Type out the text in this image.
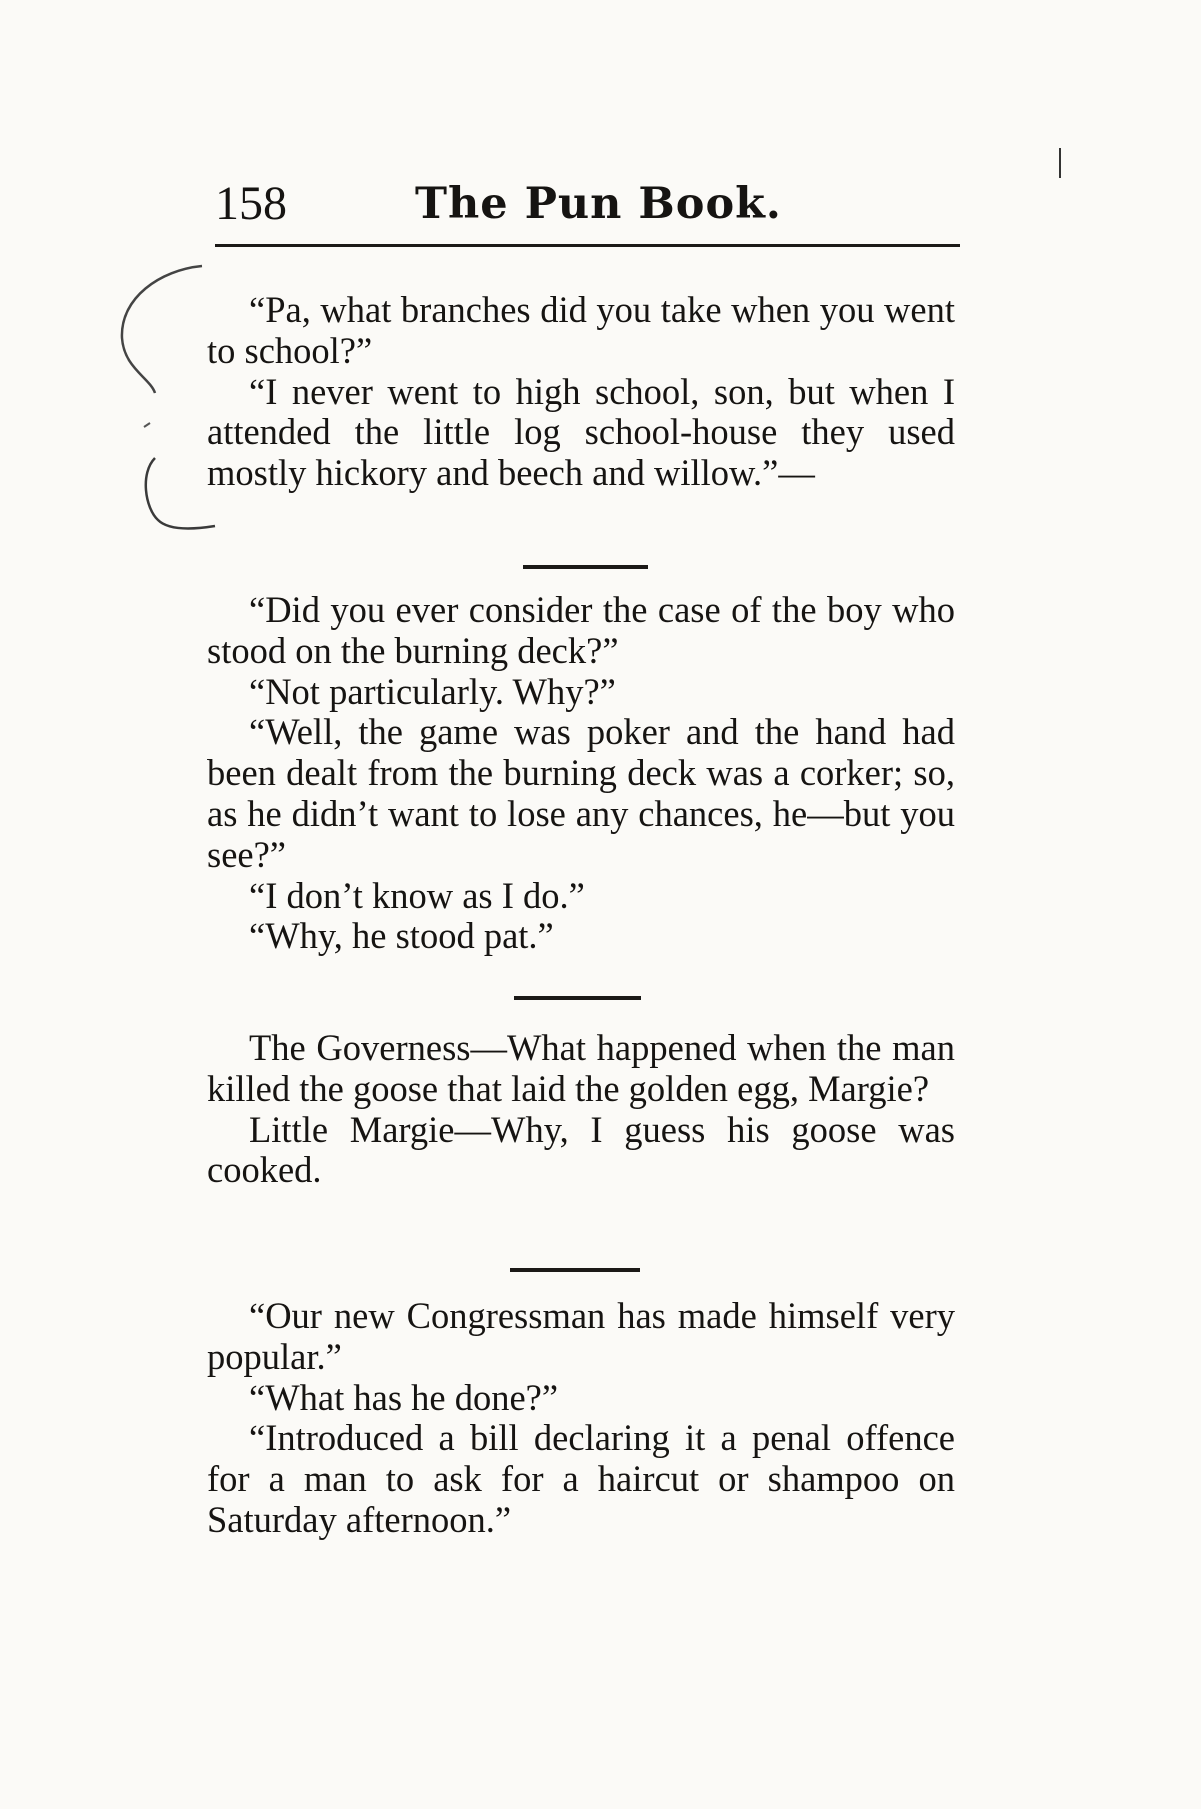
158	The Pun Book.

“Pa, what branches did you take when you went to school?”

“I never went to high school, son, but when I attended the little log school-house they used mostly hickory and beech and willow.”—

“Did you ever consider the case of the boy who stood on the burning deck?”

“Not particularly. Why?”

“Well, the game was poker and the hand had been dealt from the burning deck was a corker; so, as he didn’t want to lose any chances, he—but you see?”

“I don’t know as I do.”

“Why, he stood pat.”

The Governess—What happened when the man killed the goose that laid the golden egg, Margie?

Little Margie—Why, I guess his goose was cooked.

“Our new Congressman has made himself very popular.”

“What has he done?”

“Introduced a bill declaring it a penal offence for a man to ask for a haircut or shampoo on Saturday afternoon.”
